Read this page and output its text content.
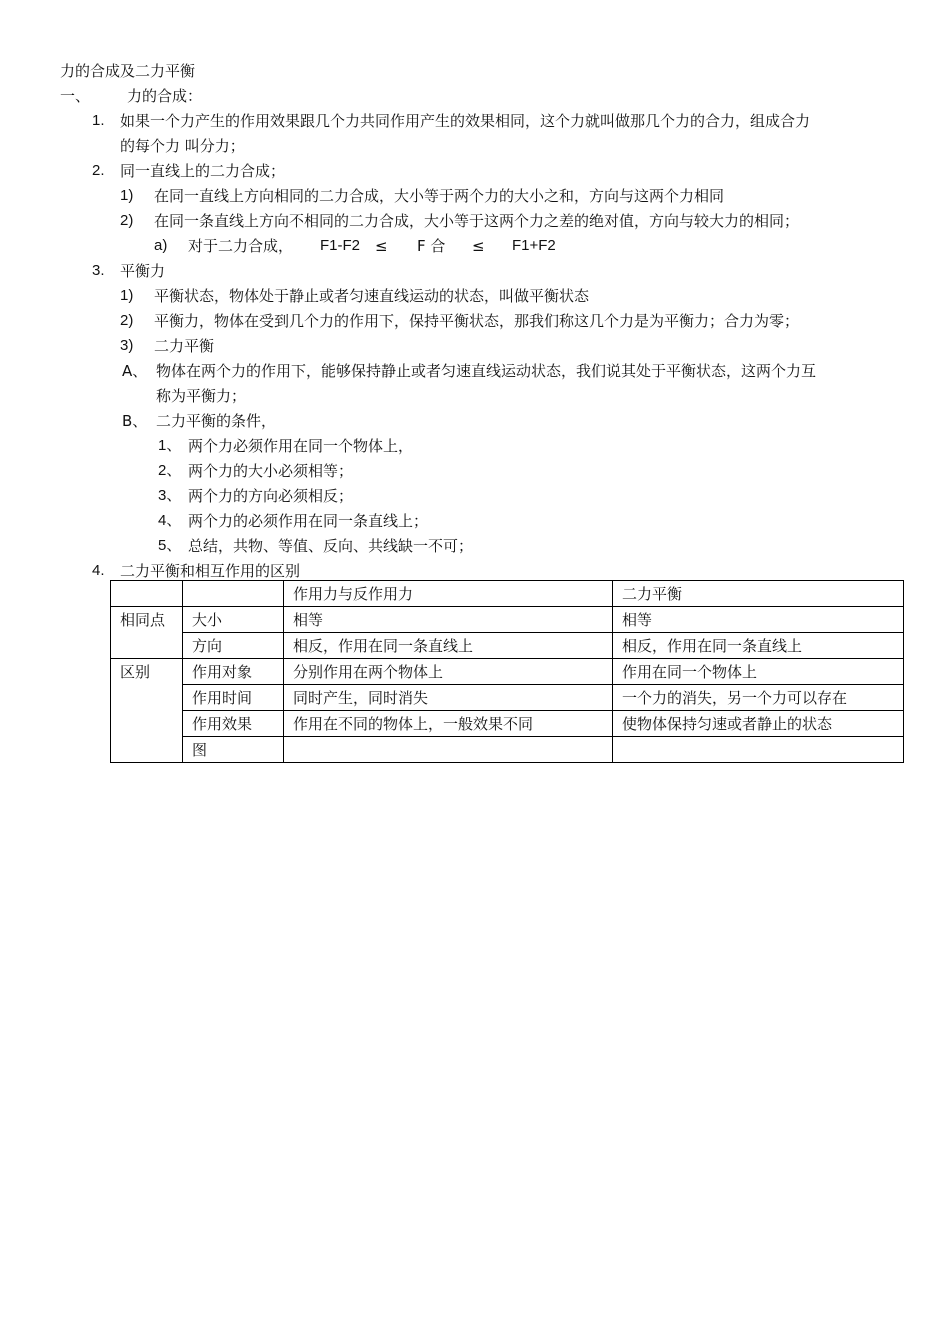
力的合成及二力平衡
一、 力的合成：
1. 如果一个力产生的作用效果跟几个力共同作用产生的效果相同，这个力就叫做那几个力的合力，组成合力
的每个力 叫分力；
2. 同一直线上的二力合成；
1) 在同一直线上方向相同的二力合成，大小等于两个力的大小之和，方向与这两个力相同
2) 在同一条直线上方向不相同的二力合成，大小等于这两个力之差的绝对值，方向与较大力的相同；
a) 对于二力合成， F1-F2 ≤ F 合 ≤ F1+F2
3. 平衡力
1) 平衡状态，物体处于静止或者匀速直线运动的状态，叫做平衡状态
2) 平衡力，物体在受到几个力的作用下，保持平衡状态，那我们称这几个力是为平衡力；合力为零；
3) 二力平衡
A、 物体在两个力的作用下，能够保持静止或者匀速直线运动状态，我们说其处于平衡状态，这两个力互
称为平衡力；
B、 二力平衡的条件，
1、 两个力必须作用在同一个物体上，
2、 两个力的大小必须相等；
3、 两个力的方向必须相反；
4、 两个力的必须作用在同一条直线上；
5、 总结，共物、等值、反向、共线缺一不可；
4. 二力平衡和相互作用的区别
		作用力与反作用力	二力平衡
相同点	大小	相等	相等
	方向	相反，作用在同一条直线上	相反，作用在同一条直线上
区别	作用对象	分别作用在两个物体上	作用在同一个物体上
	作用时间	同时产生，同时消失	一个力的消失，另一个力可以存在
	作用效果	作用在不同的物体上，一般效果不同	使物体保持匀速或者静止的状态
	图		
